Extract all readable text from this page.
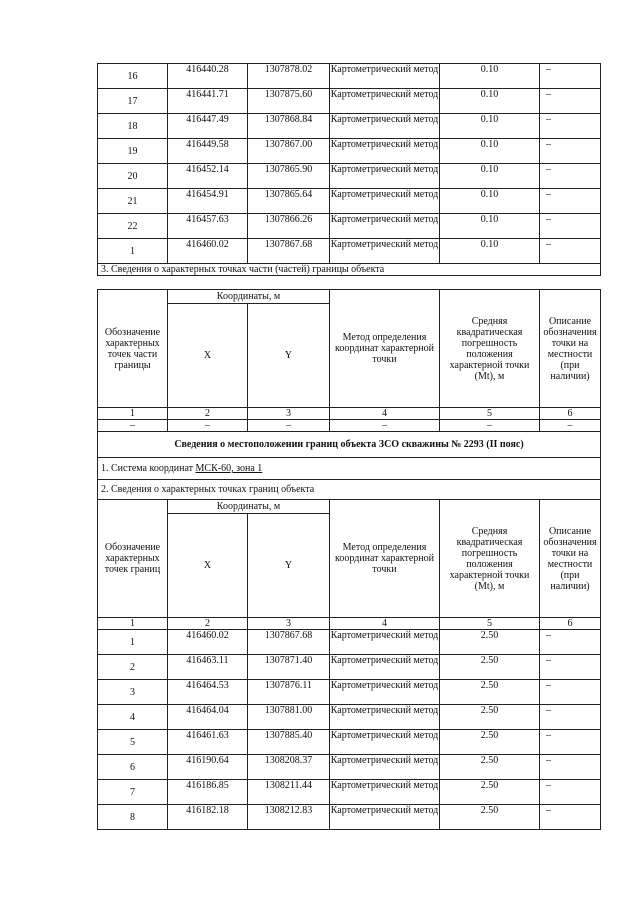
16	416440.28	1307878.02	Картометрический метод	0.10	–
17	416441.71	1307875.60	Картометрический метод	0.10	–
18	416447.49	1307868.84	Картометрический метод	0.10	–
19	416449.58	1307867.00	Картометрический метод	0.10	–
20	416452.14	1307865.90	Картометрический метод	0.10	–
21	416454.91	1307865.64	Картометрический метод	0.10	–
22	416457.63	1307866.26	Картометрический метод	0.10	–
1	416460.02	1307867.68	Картометрический метод	0.10	–
3. Сведения о характерных точках части (частей) границы объекта					
Обозначение характерных точек части границы	Координаты, м		Метод определения координат характерной точки	Средняя квадратическая погрешность положения характерной точки (Mt), м	Описание обозначения точки на местности (при наличии)
	X	Y			
1	2	3	4	5	6
–	–	–	–	–	–
Сведения о местоположении границ объекта ЗСО скважины № 2293 (II пояс)					
1. Система координат МСК-60, зона 1					
2. Сведения о характерных точках границ объекта					
Обозначение характерных точек границ	Координаты, м		Метод определения координат характерной точки	Средняя квадратическая погрешность положения характерной точки (Mt), м	Описание обозначения точки на местности (при наличии)
	X	Y			
1	2	3	4	5	6
1	416460.02	1307867.68	Картометрический метод	2.50	–
2	416463.11	1307871.40	Картометрический метод	2.50	–
3	416464.53	1307876.11	Картометрический метод	2.50	–
4	416464.04	1307881.00	Картометрический метод	2.50	–
5	416461.63	1307885.40	Картометрический метод	2.50	–
6	416190.64	1308208.37	Картометрический метод	2.50	–
7	416186.85	1308211.44	Картометрический метод	2.50	–
8	416182.18	1308212.83	Картометрический метод	2.50	–
